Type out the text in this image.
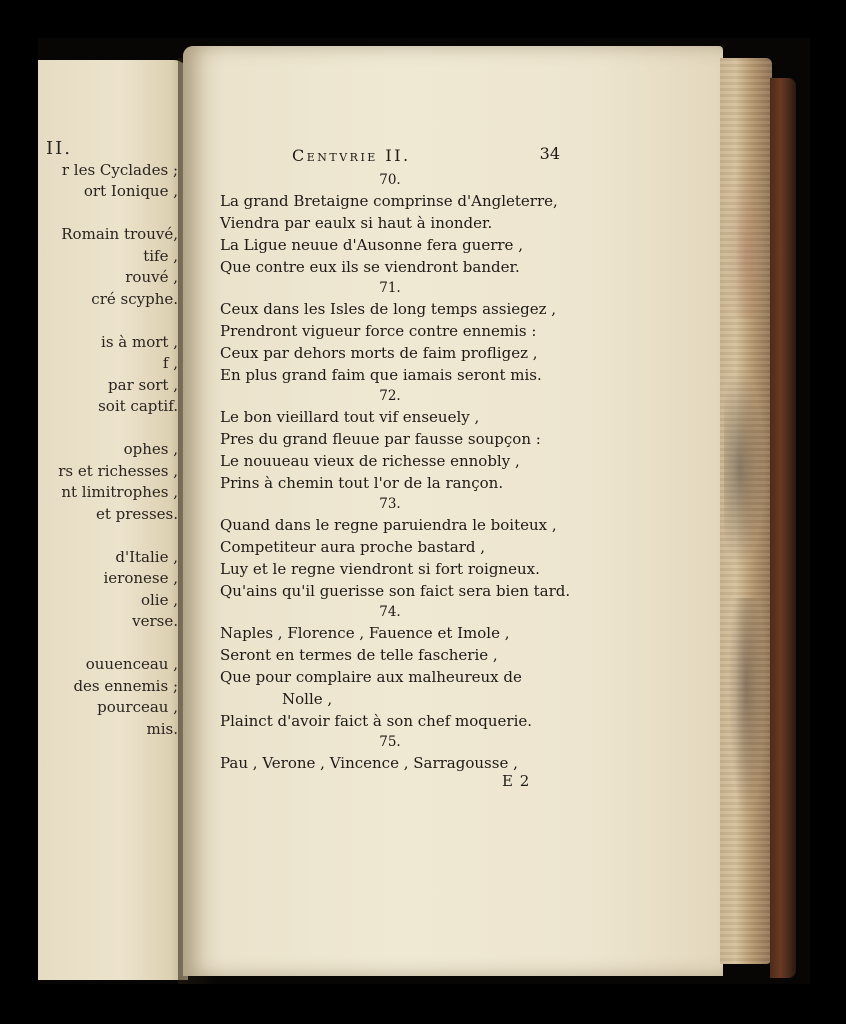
II.
r les Cyclades ;
ort Ionique ,
Romain trouvé,
tife ,
rouvé ,
cré scyphe.
is à mort ,
f ,
par sort ,
soit captif.
ophes ,
rs et richesses ,
nt limitrophes ,
et presses.
d'Italie ,
ieronese ,
olie ,
verse.
ouuenceau ,
des ennemis ;
pourceau ,
mis.
Centvrie II.	34
70.
La grand Bretaigne comprinse d'Angleterre,
Viendra par eaulx si haut à inonder.
La Ligue neuue d'Ausonne fera guerre ,
Que contre eux ils se viendront bander.
71.
Ceux dans les Isles de long temps assiegez ,
Prendront vigueur force contre ennemis :
Ceux par dehors morts de faim profligez ,
En plus grand faim que iamais seront mis.
72.
Le bon vieillard tout vif enseuely ,
Pres du grand fleuue par fausse soupçon :
Le nouueau vieux de richesse ennobly ,
Prins à chemin tout l'or de la rançon.
73.
Quand dans le regne paruiendra le boiteux ,
Competiteur aura proche bastard ,
Luy et le regne viendront si fort roigneux.
Qu'ains qu'il guerisse son faict sera bien tard.
74.
Naples , Florence , Fauence et Imole ,
Seront en termes de telle fascherie ,
Que pour complaire aux malheureux de
Nolle ,
Plainct d'avoir faict à son chef moquerie.
75.
Pau , Verone , Vincence , Sarragousse ,
E 2
